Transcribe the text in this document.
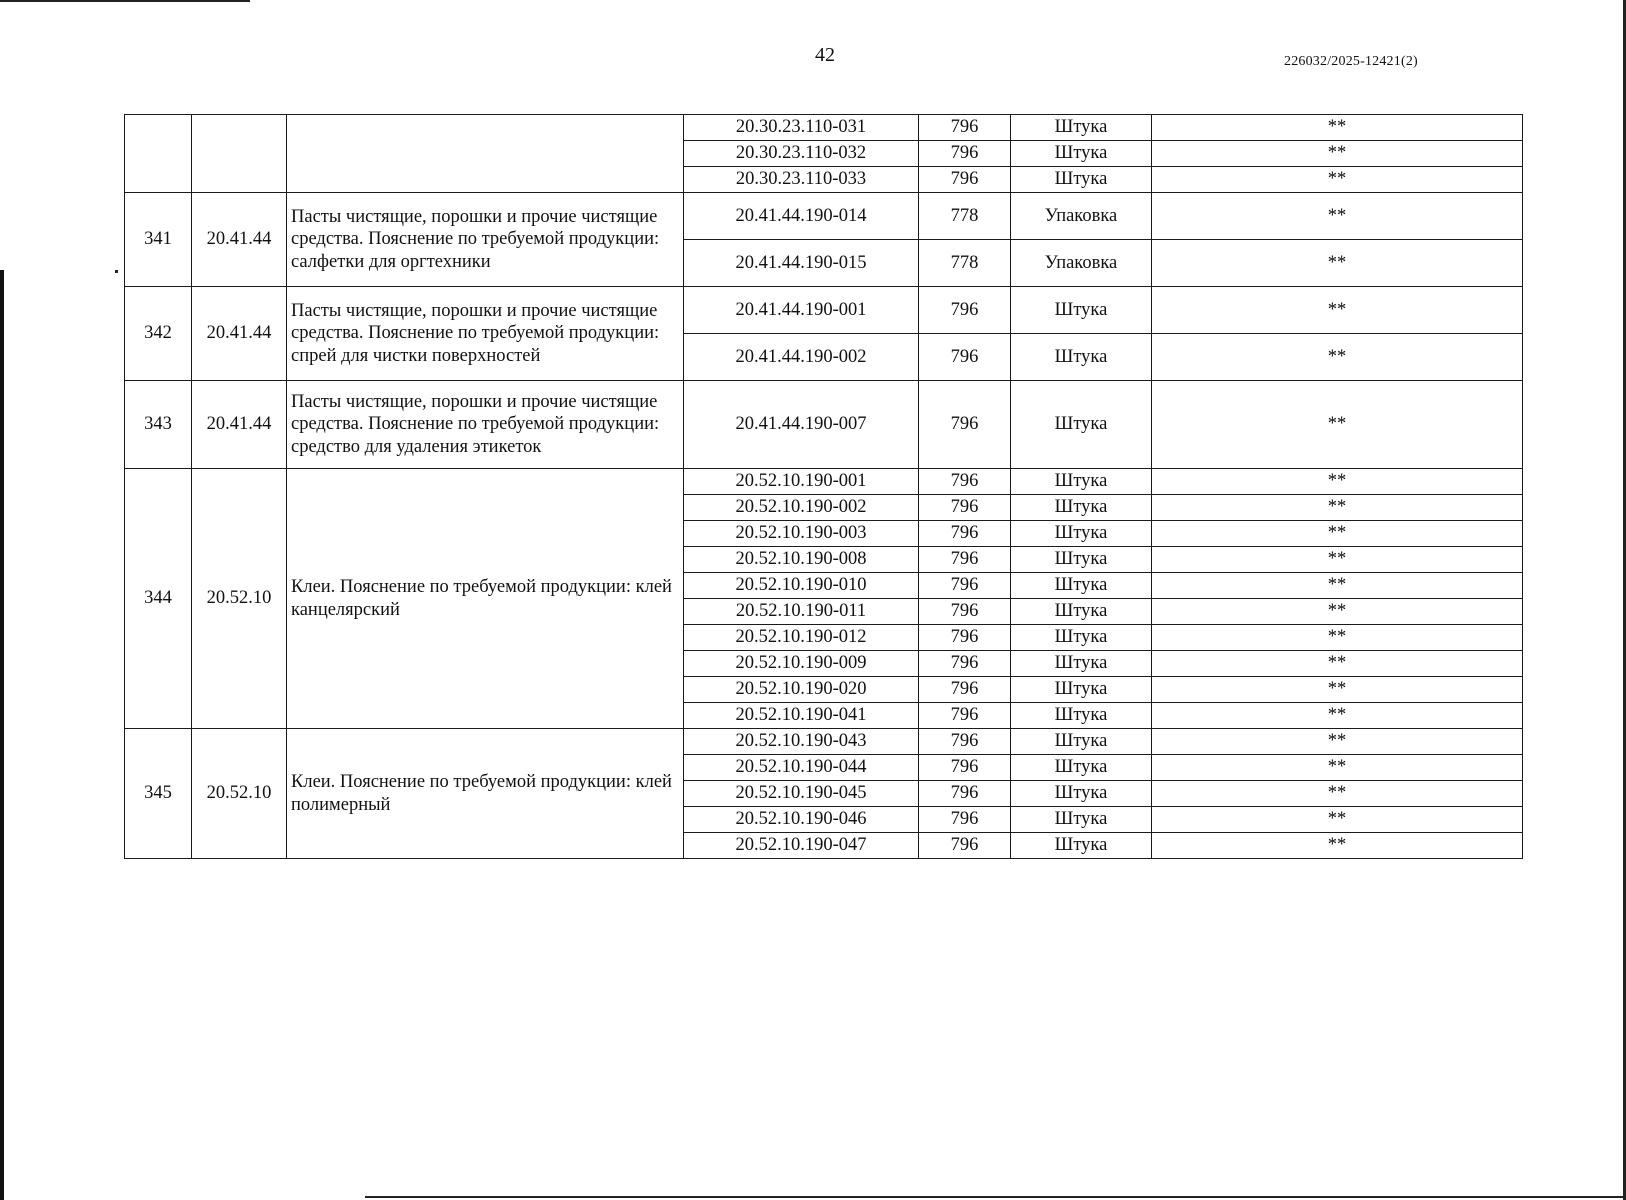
42	226032/2025-12421(2)
			20.30.23.110-031	796	Штука	**
			20.30.23.110-032	796	Штука	**
			20.30.23.110-033	796	Штука	**
341	20.41.44	Пасты чистящие, порошки и прочие чистящие средства. Пояснение по требуемой продукции: салфетки для оргтехники	20.41.44.190-014	778	Упаковка	**
			20.41.44.190-015	778	Упаковка	**
342	20.41.44	Пасты чистящие, порошки и прочие чистящие средства. Пояснение по требуемой продукции: спрей для чистки поверхностей	20.41.44.190-001	796	Штука	**
			20.41.44.190-002	796	Штука	**
343	20.41.44	Пасты чистящие, порошки и прочие чистящие средства. Пояснение по требуемой продукции: средство для удаления этикеток	20.41.44.190-007	796	Штука	**
344	20.52.10	Клеи. Пояснение по требуемой продукции: клей канцелярский	20.52.10.190-001	796	Штука	**
			20.52.10.190-002	796	Штука	**
			20.52.10.190-003	796	Штука	**
			20.52.10.190-008	796	Штука	**
			20.52.10.190-010	796	Штука	**
			20.52.10.190-011	796	Штука	**
			20.52.10.190-012	796	Штука	**
			20.52.10.190-009	796	Штука	**
			20.52.10.190-020	796	Штука	**
			20.52.10.190-041	796	Штука	**
345	20.52.10	Клеи. Пояснение по требуемой продукции: клей полимерный	20.52.10.190-043	796	Штука	**
			20.52.10.190-044	796	Штука	**
			20.52.10.190-045	796	Штука	**
			20.52.10.190-046	796	Штука	**
			20.52.10.190-047	796	Штука	**
